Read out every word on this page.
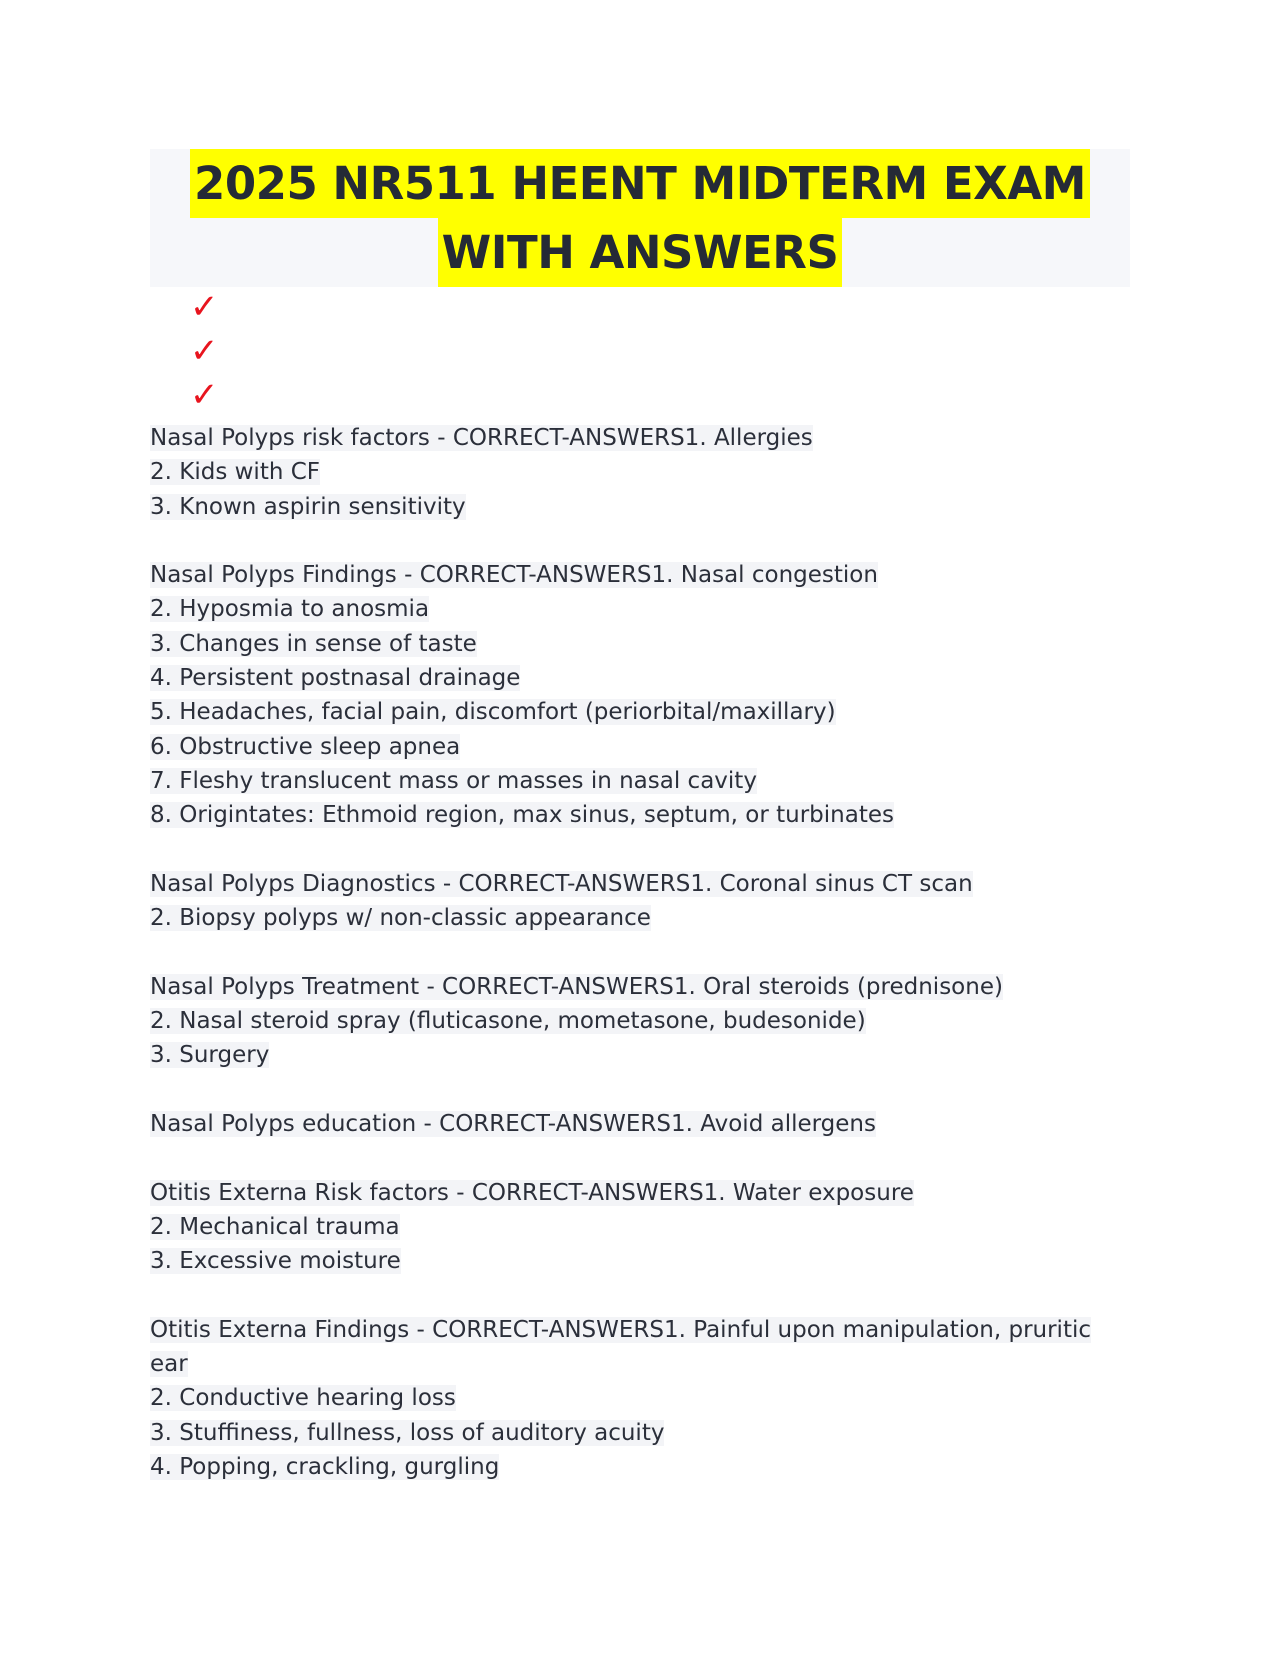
2025 NR511 HEENT MIDTERM EXAM
WITH ANSWERS
✓
✓
✓
Nasal Polyps risk factors - CORRECT-ANSWERS1. Allergies
2. Kids with CF
3. Known aspirin sensitivity
Nasal Polyps Findings - CORRECT-ANSWERS1. Nasal congestion
2. Hyposmia to anosmia
3. Changes in sense of taste
4. Persistent postnasal drainage
5. Headaches, facial pain, discomfort (periorbital/maxillary)
6. Obstructive sleep apnea
7. Fleshy translucent mass or masses in nasal cavity
8. Origintates: Ethmoid region, max sinus, septum, or turbinates
Nasal Polyps Diagnostics - CORRECT-ANSWERS1. Coronal sinus CT scan
2. Biopsy polyps w/ non-classic appearance
Nasal Polyps Treatment - CORRECT-ANSWERS1. Oral steroids (prednisone)
2. Nasal steroid spray (fluticasone, mometasone, budesonide)
3. Surgery
Nasal Polyps education - CORRECT-ANSWERS1. Avoid allergens
Otitis Externa Risk factors - CORRECT-ANSWERS1. Water exposure
2. Mechanical trauma
3. Excessive moisture
Otitis Externa Findings - CORRECT-ANSWERS1. Painful upon manipulation, pruritic
ear
2. Conductive hearing loss
3. Stuffiness, fullness, loss of auditory acuity
4. Popping, crackling, gurgling
